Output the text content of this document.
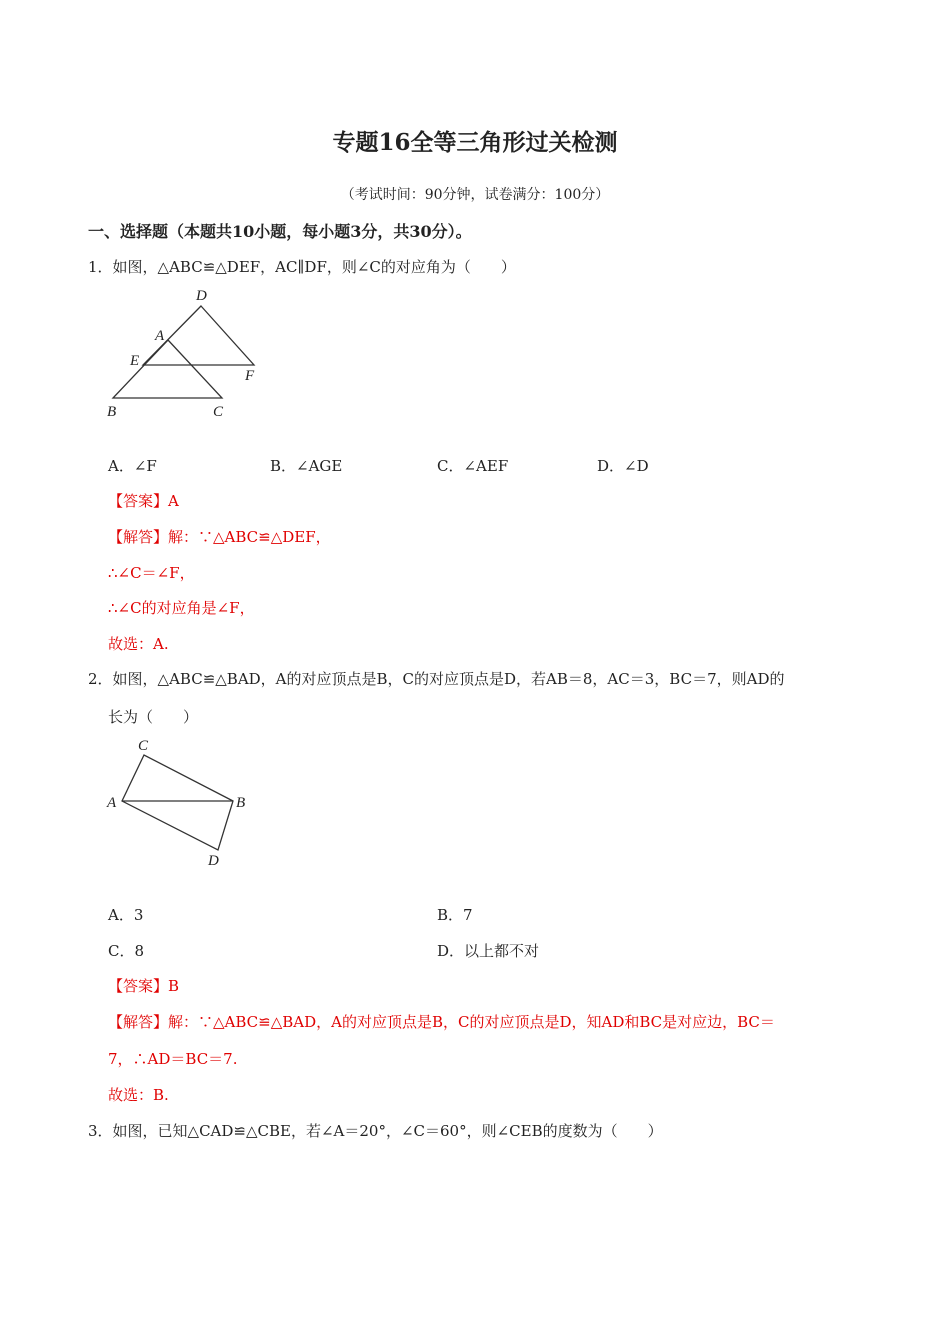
专题16全等三角形过关检测
（考试时间：90分钟，试卷满分：100分）
一、选择题（本题共10小题，每小题3分，共30分）。
1．如图，△ABC≌△DEF，AC∥DF，则∠C的对应角为（　　）
D
A
E
F
B	C
A．∠F	B．∠AGE	C．∠AEF	D．∠D
【答案】A
【解答】解：∵△ABC≌△DEF，
∴∠C＝∠F，
∴∠C的对应角是∠F，
故选：A.
2．如图，△ABC≌△BAD，A的对应顶点是B，C的对应顶点是D，若AB＝8，AC＝3，BC＝7，则AD的
长为（　　）
C
A	B
D
A．3	B．7
C．8	D．以上都不对
【答案】B
【解答】解：∵△ABC≌△BAD，A的对应顶点是B，C的对应顶点是D，知AD和BC是对应边，BC＝
7，∴AD＝BC＝7.
故选：B.
3．如图，已知△CAD≌△CBE，若∠A＝20°，∠C＝60°，则∠CEB的度数为（　　）
